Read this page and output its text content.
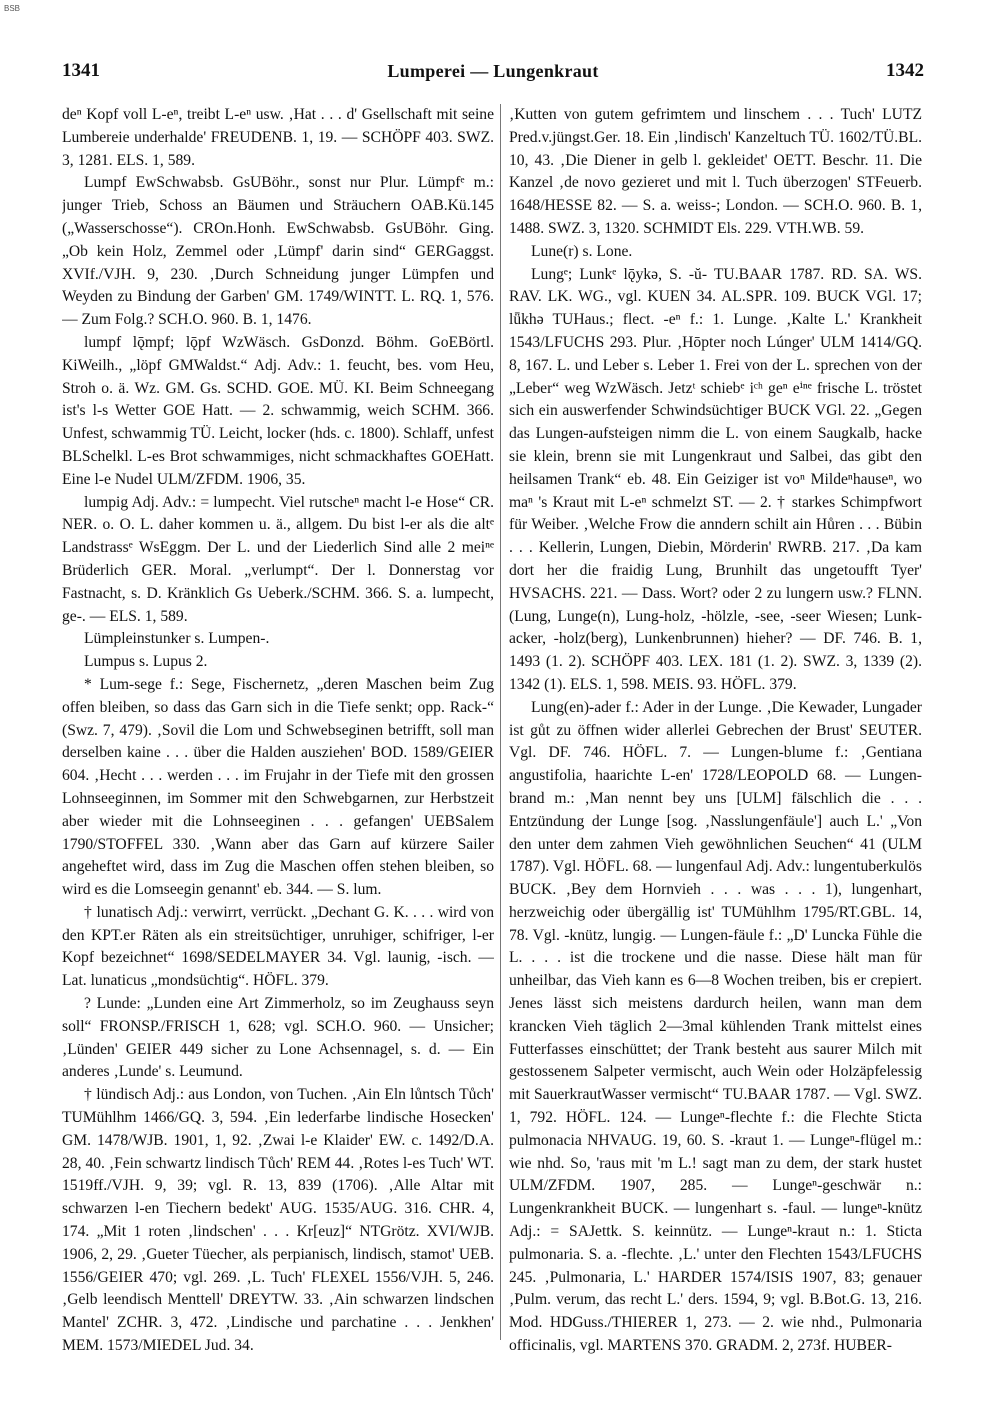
BSB
1341	Lumperei — Lungenkraut	1342

deⁿ Kopf voll L-eⁿ, treibt L-eⁿ usw. ‚Hat . . . d' Gsellschaft mit seine Lumbereie underhalde' FREUDENB. 1, 19. — SCHÖPF 403. SWZ. 3, 1281. ELS. 1, 589.

Lumpf EwSchwabsb. GsUBöhr., sonst nur Plur. Lümpfᵉ m.: junger Trieb, Schoss an Bäumen und Sträuchern OAB.Kü.145 („Wasserschosse“). CROn.Honh. EwSchwabsb. GsUBöhr. Ging. „Ob kein Holz, Zemmel oder ‚Lümpf' darin sind“ GERGaggst. XVIf./VJH. 9, 230. ‚Durch Schneidung junger Lümpfen und Weyden zu Bindung der Garben' GM. 1749/WINTT. L. RQ. 1, 576. — Zum Folg.? SCH.O. 960. B. 1, 1476.

lumpf lǭmpf; lǭpf WzWäsch. GsDonzd. Böhm. GoEBörtl. KiWeilh., „löpf GMWaldst.“ Adj. Adv.: 1. feucht, bes. vom Heu, Stroh o. ä. Wz. GM. Gs. SCHD. GOE. MÜ. KI. Beim Schneegang ist's l-s Wetter GOE Hatt. — 2. schwammig, weich SCHM. 366. Unfest, schwammig TÜ. Leicht, locker (hds. c. 1800). Schlaff, unfest BLSchelkl. L-es Brot schwammiges, nicht schmackhaftes GOEHatt. Eine l-e Nudel ULM/ZFDM. 1906, 35.

lumpig Adj. Adv.: = lumpecht. Viel rutscheⁿ macht l-e Hose“ CR. NER. o. O. L. daher kommen u. ä., allgem. Du bist l-er als die altᵉ Landstrassᵉ WsEggm. Der L. und der Liederlich Sind alle 2 meiⁿᵉ Brüderlich GER. Moral. „verlumpt“. Der l. Donnerstag vor Fastnacht, s. D. Kränklich Gs Ueberk./SCHM. 366. S. a. lumpecht, ge-. — ELS. 1, 589.

Lümpleinstunker s. Lumpen-.

Lumpus s. Lupus 2.

* Lum-sege f.: Sege, Fischernetz, „deren Maschen beim Zug offen bleiben, so dass das Garn sich in die Tiefe senkt; opp. Rack-“ (Swz. 7, 479). ‚Sovil die Lom und Schwebseginen betrifft, soll man derselben kaine . . . über die Halden ausziehen' BOD. 1589/GEIER 604. ‚Hecht . . . werden . . . im Frujahr in der Tiefe mit den grossen Lohnseeginnen, im Sommer mit den Schwebgarnen, zur Herbstzeit aber wieder mit die Lohnseeginen . . . gefangen' UEBSalem 1790/STOFFEL 330. ‚Wann aber das Garn auf kürzere Sailer angeheftet wird, dass im Zug die Maschen offen stehen bleiben, so wird es die Lomseegin genannt' eb. 344. — S. lum.

† lunatisch Adj.: verwirrt, verrückt. „Dechant G. K. . . . wird von den KPT.er Räten als ein streitsüchtiger, unruhiger, schifriger, l-er Kopf bezeichnet“ 1698/SEDELMAYER 34. Vgl. launig, -isch. — Lat. lunaticus „mondsüchtig“. HÖFL. 379.

? Lunde: „Lunden eine Art Zimmerholz, so im Zeughauss seyn soll“ FRONSP./FRISCH 1, 628; vgl. SCH.O. 960. — Unsicher; ‚Lünden' GEIER 449 sicher zu Lone Achsennagel, s. d. — Ein anderes ‚Lunde' s. Leumund.

† lündisch Adj.: aus London, von Tuchen. ‚Ain Eln lůntsch Tůch' TUMühlhm 1466/GQ. 3, 594. ‚Ein lederfarbe lindische Hosecken' GM. 1478/WJB. 1901, 1, 92. ‚Zwai l-e Klaider' EW. c. 1492/D.A. 28, 40. ‚Fein schwartz lindisch Tůch' REM 44. ‚Rotes l-es Tuch' WT. 1519ff./VJH. 9, 39; vgl. R. 13, 839 (1706). ‚Alle Altar mit schwarzen l-en Tiechern bedekt' AUG. 1535/AUG. 316. CHR. 4, 174. „Mit 1 roten ‚lindschen' . . . Kr[euz]“ NTGrötz. XVI/WJB. 1906, 2, 29. ‚Gueter Tüecher, als perpianisch, lindisch, stamot' UEB. 1556/GEIER 470; vgl. 269. ‚L. Tuch' FLEXEL 1556/VJH. 5, 246. ‚Gelb leendisch Menttell' DREYTW. 33. ‚Ain schwarzen lindschen Mantel' ZCHR. 3, 472. ‚Lindische und parchatine . . . Jenkhen' MEM. 1573/MIEDEL Jud. 34.

‚Kutten von gutem gefrimtem und linschem . . . Tuch' LUTZ Pred.v.jüngst.Ger. 18. Ein ‚lindisch' Kanzeltuch TÜ. 1602/TÜ.BL. 10, 43. ‚Die Diener in gelb l. gekleidet' OETT. Beschr. 11. Die Kanzel ‚de novo gezieret und mit l. Tuch überzogen' STFeuerb. 1648/HESSE 82. — S. a. weiss-; London. — SCH.O. 960. B. 1, 1488. SWZ. 3, 1320. SCHMIDT Els. 229. VTH.WB. 59.

Lune(r) s. Lone.

Lungᵉ; Lunkᵉ lǭykə, S. -ŭ- TU.BAAR 1787. RD. SA. WS. RAV. LK. WG., vgl. KUEN 34. AL.SPR. 109. BUCK VGl. 17; lǖkhə TUHaus.; flect. -eⁿ f.: 1. Lunge. ‚Kalte L.' Krankheit 1543/LFUCHS 293. Plur. ‚Hōpter noch Lúnger' ULM 1414/GQ. 8, 167. L. und Leber s. Leber 1. Frei von der L. sprechen von der „Leber“ weg WzWäsch. Jetzᵗ schiebᵉ iᶜʰ geⁿ eⁱⁿᵉ frische L. tröstet sich ein auswerfender Schwindsüchtiger BUCK VGl. 22. „Gegen das Lungen-aufsteigen nimm die L. von einem Saugkalb, hacke sie klein, brenn sie mit Lungenkraut und Salbei, das gibt den heilsamen Trank“ eb. 48. Ein Geiziger ist voⁿ Mildeⁿhauseⁿ, wo maⁿ 's Kraut mit L-eⁿ schmelzt ST. — 2. † starkes Schimpfwort für Weiber. ‚Welche Frow die anndern schilt ain Hůren . . . Bübin . . . Kellerin, Lungen, Diebin, Mörderin' RWRB. 217. ‚Da kam dort her die fraidig Lung, Brunhilt das ungetoufft Tyer' HVSACHS. 221. — Dass. Wort? oder 2 zu lungern usw.? FLNN. (Lung, Lunge(n), Lung-holz, -hölzle, -see, -seer Wiesen; Lunk-acker, -holz(berg), Lunkenbrunnen) hieher? — DF. 746. B. 1, 1493 (1. 2). SCHÖPF 403. LEX. 181 (1. 2). SWZ. 3, 1339 (2). 1342 (1). ELS. 1, 598. MEIS. 93. HÖFL. 379.

Lung(en)-ader f.: Ader in der Lunge. ‚Die Kewader, Lungader ist gůt zu öffnen wider allerlei Gebrechen der Brust' SEUTER. Vgl. DF. 746. HÖFL. 7. — Lungen-blume f.: ‚Gentiana angustifolia, haarichte L-en' 1728/LEOPOLD 68. — Lungen-brand m.: ‚Man nennt bey uns [ULM] fälschlich die . . . Entzündung der Lunge [sog. ‚Nasslungenfäule'] auch L.' „Von den unter dem zahmen Vieh gewöhnlichen Seuchen“ 41 (ULM 1787). Vgl. HÖFL. 68. — lungenfaul Adj. Adv.: lungentuberkulös BUCK. ‚Bey dem Hornvieh . . . was . . . 1), lungenhart, herzweichig oder übergällig ist' TUMühlhm 1795/RT.GBL. 14, 78. Vgl. -knütz, lungig. — Lungen-fäule f.: „D' Luncka Fühle die L. . . . ist die trockene und die nasse. Diese hält man für unheilbar, das Vieh kann es 6—8 Wochen treiben, bis er crepiert. Jenes lässt sich meistens dardurch heilen, wann man dem krancken Vieh täglich 2—3mal kühlenden Trank mittelst eines Futterfasses einschüttet; der Trank besteht aus saurer Milch mit gestossenem Salpeter vermischt, auch Wein oder Holzäpfelessig mit SauerkrautWasser vermischt“ TU.BAAR 1787. — Vgl. SWZ. 1, 792. HÖFL. 124. — Lungeⁿ-flechte f.: die Flechte Sticta pulmonacia NHVAUG. 19, 60. S. -kraut 1. — Lungeⁿ-flügel m.: wie nhd. So, 'raus mit 'm L.! sagt man zu dem, der stark hustet ULM/ZFDM. 1907, 285. — Lungeⁿ-geschwär n.: Lungenkrankheit BUCK. — lungenhart s. -faul. — lungeⁿ-knütz Adj.: = SAJettk. S. keinnütz. — Lungeⁿ-kraut n.: 1. Sticta pulmonaria. S. a. -flechte. ‚L.' unter den Flechten 1543/LFUCHS 245. ‚Pulmonaria, L.' HARDER 1574/ISIS 1907, 83; genauer ‚Pulm. verum, das recht L.' ders. 1594, 9; vgl. B.Bot.G. 13, 216. Mod. HDGuss./THIERER 1, 273. — 2. wie nhd., Pulmonaria officinalis, vgl. MARTENS 370. GRADM. 2, 273f. HUBER-
